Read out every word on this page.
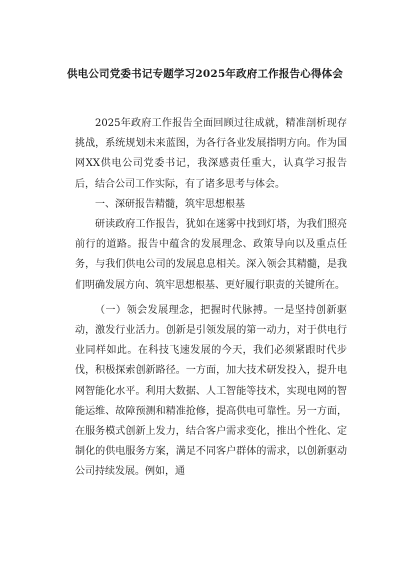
供电公司党委书记专题学习2025年政府工作报告心得体会

2025年政府工作报告全面回顾过往成就，精准剖析现存挑战，系统规划未来蓝图，为各行各业发展指明方向。作为国网XX供电公司党委书记，我深感责任重大，认真学习报告后，结合公司工作实际，有了诸多思考与体会。

一、深研报告精髓，筑牢思想根基

研读政府工作报告，犹如在迷雾中找到灯塔，为我们照亮前行的道路。报告中蕴含的发展理念、政策导向以及重点任务，与我们供电公司的发展息息相关。深入领会其精髓，是我们明确发展方向、筑牢思想根基、更好履行职责的关键所在。

（一）领会发展理念，把握时代脉搏。一是坚持创新驱动，激发行业活力。创新是引领发展的第一动力，对于供电行业同样如此。在科技飞速发展的今天，我们必须紧跟时代步伐，积极探索创新路径。一方面，加大技术研发投入，提升电网智能化水平。利用大数据、人工智能等技术，实现电网的智能运维、故障预测和精准抢修，提高供电可靠性。另一方面，在服务模式创新上发力，结合客户需求变化，推出个性化、定制化的供电服务方案，满足不同客户群体的需求，以创新驱动公司持续发展。例如，通
